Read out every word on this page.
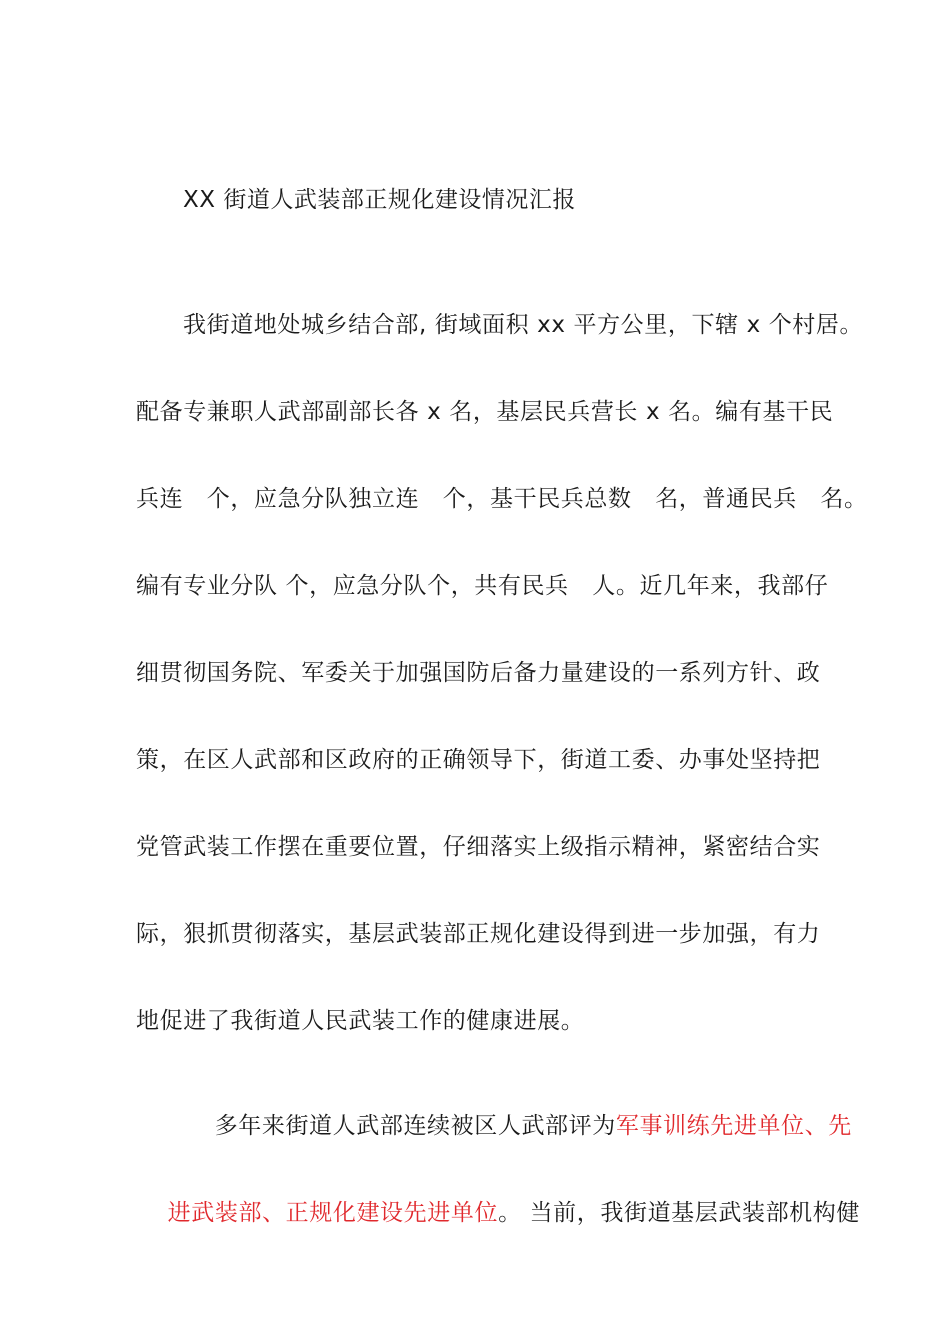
XX 街道人武装部正规化建设情况汇报
我街道地处城乡结合部, 街域面积 xx 平方公里，下辖 x 个村居。
配备专兼职人武部副部长各 x 名，基层民兵营长 x 名。编有基干民
兵连　个，应急分队独立连　个，基干民兵总数　名，普通民兵　名。
编有专业分队 个，应急分队个，共有民兵　人。近几年来，我部仔
细贯彻国务院、军委关于加强国防后备力量建设的一系列方针、政
策，在区人武部和区政府的正确领导下，街道工委、办事处坚持把
党管武装工作摆在重要位置，仔细落实上级指示精神，紧密结合实
际，狠抓贯彻落实，基层武装部正规化建设得到进一步加强，有力
地促进了我街道人民武装工作的健康进展。

多年来街道人武部连续被区人武部评为军事训练先进单位、先

进武装部、正规化建设先进单位。 当前，我街道基层武装部机构健
